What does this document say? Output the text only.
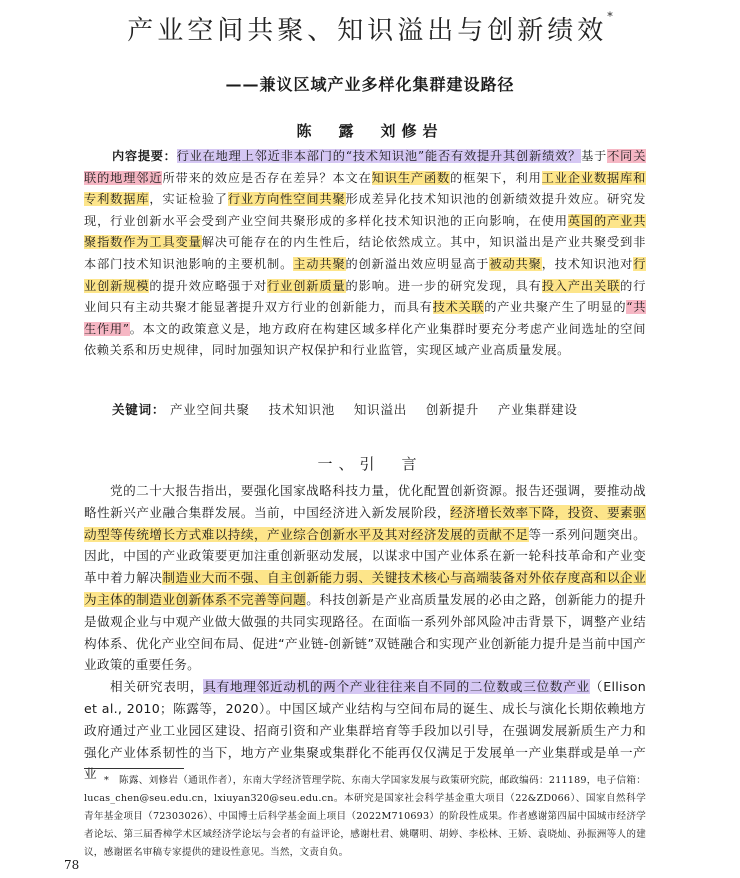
产业空间共聚、知识溢出与创新绩效*
——兼议区域产业多样化集群建设路径
陈　露　刘修岩

内容提要：行业在地理上邻近非本部门的“技术知识池”能否有效提升其创新绩效？基于不同关联的地理邻近所带来的效应是否存在差异？本文在知识生产函数的框架下，利用工业企业数据库和专利数据库，实证检验了行业方向性空间共聚形成差异化技术知识池的创新绩效提升效应。研究发现，行业创新水平会受到产业空间共聚形成的多样化技术知识池的正向影响，在使用英国的产业共聚指数作为工具变量解决可能存在的内生性后，结论依然成立。其中，知识溢出是产业共聚受到非本部门技术知识池影响的主要机制。主动共聚的创新溢出效应明显高于被动共聚，技术知识池对行业创新规模的提升效应略强于对行业创新质量的影响。进一步的研究发现，具有投入产出关联的行业间只有主动共聚才能显著提升双方行业的创新能力，而具有技术关联的产业共聚产生了明显的“共生作用”。本文的政策意义是，地方政府在构建区域多样化产业集群时要充分考虑产业间选址的空间依赖关系和历史规律，同时加强知识产权保护和行业监管，实现区域产业高质量发展。

关键词： 产业空间共聚 技术知识池 知识溢出 创新提升 产业集群建设
一、引　言

党的二十大报告指出，要强化国家战略科技力量，优化配置创新资源。报告还强调，要推动战略性新兴产业融合集群发展。当前，中国经济进入新发展阶段，经济增长效率下降，投资、要素驱动型等传统增长方式难以持续，产业综合创新水平及其对经济发展的贡献不足等一系列问题突出。因此，中国的产业政策要更加注重创新驱动发展，以谋求中国产业体系在新一轮科技革命和产业变革中着力解决制造业大而不强、自主创新能力弱、关键技术核心与高端装备对外依存度高和以企业为主体的制造业创新体系不完善等问题。科技创新是产业高质量发展的必由之路，创新能力的提升是做观企业与中观产业做大做强的共同实现路径。在面临一系列外部风险冲击背景下，调整产业结构体系、优化产业空间布局、促进“产业链-创新链”双链融合和实现产业创新能力提升是当前中国产业政策的重要任务。

相关研究表明，具有地理邻近动机的两个产业往往来自不同的二位数或三位数产业（Ellison et al., 2010；陈露等，2020）。中国区域产业结构与空间布局的诞生、成长与演化长期依赖地方政府通过产业工业园区建设、招商引资和产业集群培育等手段加以引导，在强调发展新质生产力和强化产业体系韧性的当下，地方产业集聚或集群化不能再仅仅满足于发展单一产业集群或是单一产业 *　陈露、刘修岩（通讯作者），东南大学经济管理学院、东南大学国家发展与政策研究院，邮政编码：211189，电子信箱：lucas_chen@seu.edu.cn，lxiuyan320@seu.edu.cn。本研究是国家社会科学基金重大项目（22&ZD066）、国家自然科学青年基金项目（72303026）、中国博士后科学基金面上项目（2022M710693）的阶段性成果。作者感谢第四届中国城市经济学者论坛、第三届香樟学术区域经济学论坛与会者的有益评论，感谢杜君、姚曙明、胡婷、李松林、王娇、袁晓灿、孙振洲等人的建议，感谢匿名审稿专家提供的建设性意见。当然，文责自负。

78
